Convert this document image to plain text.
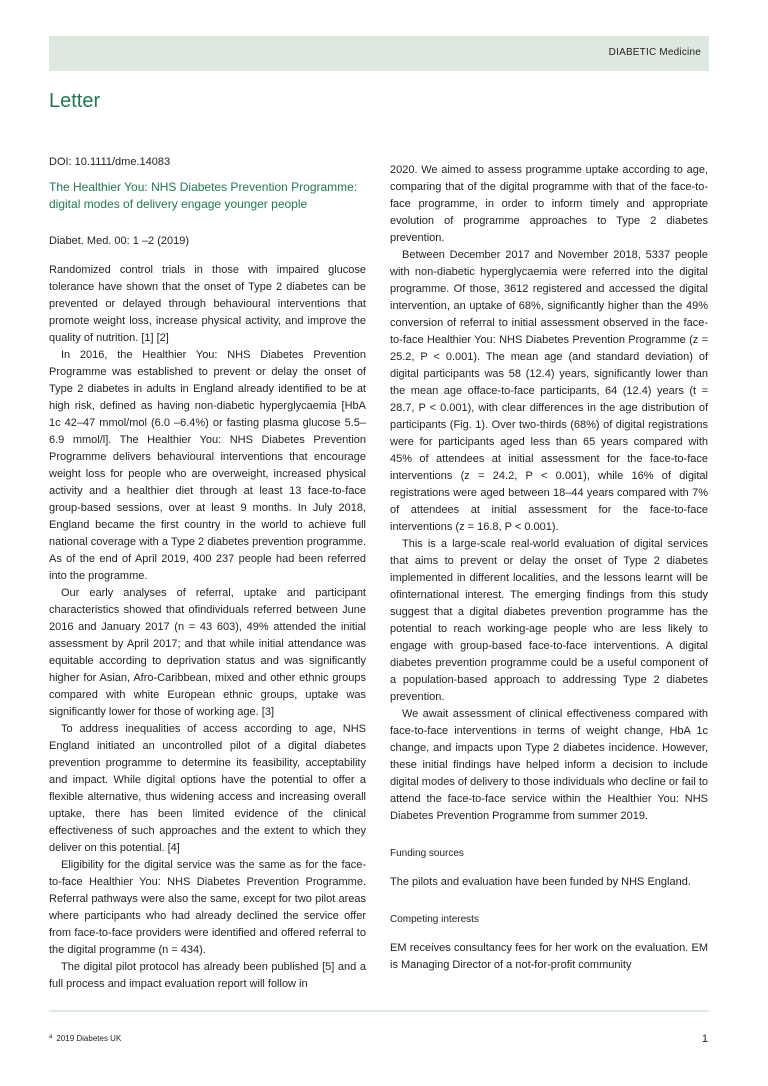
DIABETIC Medicine
Letter
DOI: 10.1111/dme.14083
The Healthier You: NHS Diabetes Prevention Programme: digital modes of delivery engage younger people
Diabet. Med. 00: 1 –2 (2019)

Randomized control trials in those with impaired glucose tolerance have shown that the onset of Type 2 diabetes can be prevented or delayed through behavioural interventions that promote weight loss, increase physical activity, and improve the quality of nutrition. [1] [2]

In 2016, the Healthier You: NHS Diabetes Prevention Programme was established to prevent or delay the onset of Type 2 diabetes in adults in England already identified to be at high risk, defined as having non-diabetic hyperglycaemia [HbA 1c 42–47 mmol/mol (6.0 –6.4%) or fasting plasma glucose 5.5–6.9 mmol/l]. The Healthier You: NHS Diabetes Prevention Programme delivers behavioural interventions that encourage weight loss for people who are overweight, increased physical activity and a healthier diet through at least 13 face-to-face group-based sessions, over at least 9 months. In July 2018, England became the first country in the world to achieve full national coverage with a Type 2 diabetes prevention programme. As of the end of April 2019, 400 237 people had been referred into the programme.

Our early analyses of referral, uptake and participant characteristics showed that ofindividuals referred between June 2016 and January 2017 (n = 43 603), 49% attended the initial assessment by April 2017; and that while initial attendance was equitable according to deprivation status and was significantly higher for Asian, Afro-Caribbean, mixed and other ethnic groups compared with white European ethnic groups, uptake was significantly lower for those of working age. [3]

To address inequalities of access according to age, NHS England initiated an uncontrolled pilot of a digital diabetes prevention programme to determine its feasibility, acceptability and impact. While digital options have the potential to offer a flexible alternative, thus widening access and increasing overall uptake, there has been limited evidence of the clinical effectiveness of such approaches and the extent to which they deliver on this potential. [4]

Eligibility for the digital service was the same as for the face-to-face Healthier You: NHS Diabetes Prevention Programme. Referral pathways were also the same, except for two pilot areas where participants who had already declined the service offer from face-to-face providers were identified and offered referral to the digital programme (n = 434).

The digital pilot protocol has already been published [5] and a full process and impact evaluation report will follow in

2020. We aimed to assess programme uptake according to age, comparing that of the digital programme with that of the face-to-face programme, in order to inform timely and appropriate evolution of programme approaches to Type 2 diabetes prevention.

Between December 2017 and November 2018, 5337 people with non-diabetic hyperglycaemia were referred into the digital programme. Of those, 3612 registered and accessed the digital intervention, an uptake of 68%, significantly higher than the 49% conversion of referral to initial assessment observed in the face-to-face Healthier You: NHS Diabetes Prevention Programme (z = 25.2, P < 0.001). The mean age (and standard deviation) of digital participants was 58 (12.4) years, significantly lower than the mean age offace-to-face participants, 64 (12.4) years (t = 28.7, P < 0.001), with clear differences in the age distribution of participants (Fig. 1). Over two-thirds (68%) of digital registrations were for participants aged less than 65 years compared with 45% of attendees at initial assessment for the face-to-face interventions (z = 24.2, P < 0.001), while 16% of digital registrations were aged between 18–44 years compared with 7% of attendees at initial assessment for the face-to-face interventions (z = 16.8, P < 0.001).

This is a large-scale real-world evaluation of digital services that aims to prevent or delay the onset of Type 2 diabetes implemented in different localities, and the lessons learnt will be ofinternational interest. The emerging findings from this study suggest that a digital diabetes prevention programme has the potential to reach working-age people who are less likely to engage with group-based face-to-face interventions. A digital diabetes prevention programme could be a useful component of a population-based approach to addressing Type 2 diabetes prevention.

We await assessment of clinical effectiveness compared with face-to-face interventions in terms of weight change, HbA 1c change, and impacts upon Type 2 diabetes incidence. However, these initial findings have helped inform a decision to include digital modes of delivery to those individuals who decline or fail to attend the face-to-face service within the Healthier You: NHS Diabetes Prevention Programme from summer 2019.

Funding sources

The pilots and evaluation have been funded by NHS England.

Competing interests

EM receives consultancy fees for her work on the evaluation. EM is Managing Director of a not-for-profit community

$^a$ 2019 Diabetes UK	1
